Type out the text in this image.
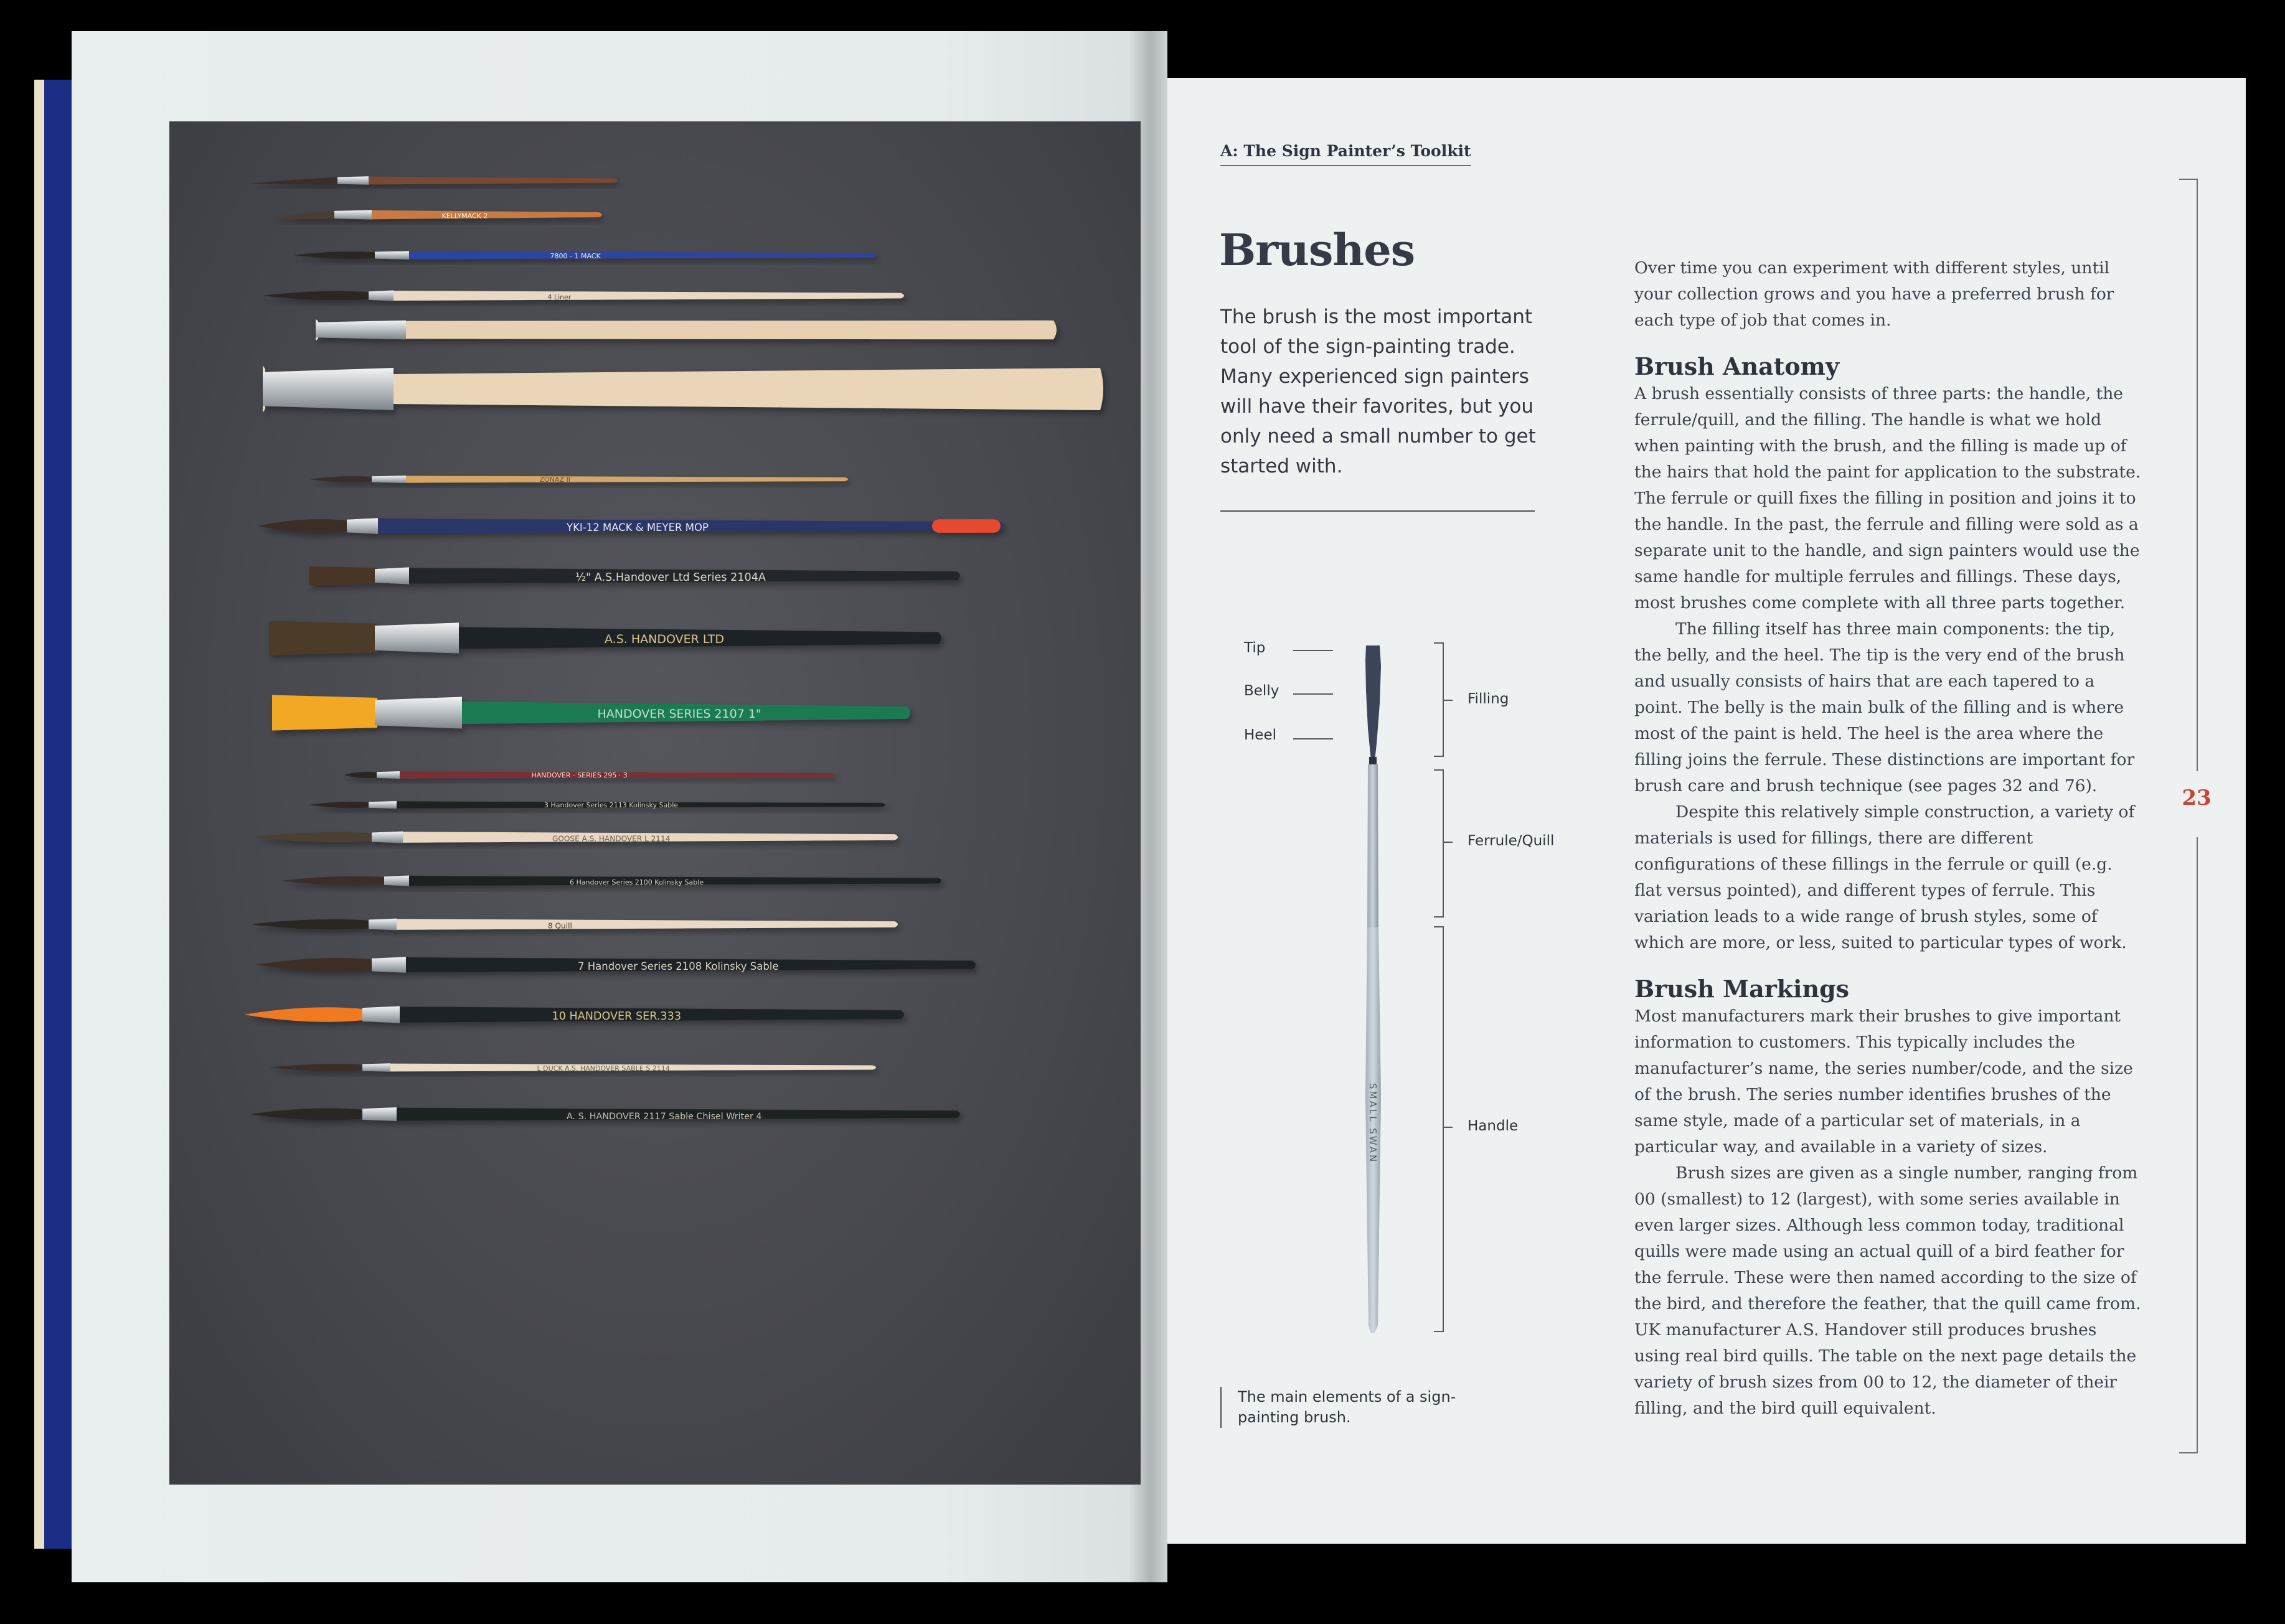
KELLYMACK 2
7800 - 1 MACK
4 Liner
ZONAZ II
YKI-12 MACK & MEYER MOP
½" A.S.Handover Ltd Series 2104A
A.S. HANDOVER LTD
HANDOVER SERIES 2107 1"
HANDOVER · SERIES 295 · 3
3 Handover Series 2113 Kolinsky Sable
GOOSE A.S. HANDOVER L 2114
6 Handover Series 2100 Kolinsky Sable
8 Quill
7 Handover Series 2108 Kolinsky Sable
10 HANDOVER SER.333
L DUCK A.S. HANDOVER SABLE S 2114
A. S. HANDOVER 2117 Sable Chisel Writer 4
A: The Sign Painter’s Toolkit
Brushes

The brush is the most important tool of the sign-painting trade. Many experienced sign painters will have their favorites, but you only need a small number to get started with.

SMALL SWAN
Tip
Belly
Heel
Filling
Ferrule/Quill
Handle
The main elements of a sign-painting brush.

Over time you can experiment with different styles, until your collection grows and you have a preferred brush for each type of job that comes in.

Brush Anatomy

A brush essentially consists of three parts: the handle, the ferrule/quill, and the filling. The handle is what we hold when painting with the brush, and the filling is made up of the hairs that hold the paint for application to the substrate. The ferrule or quill fixes the filling in position and joins it to the handle. In the past, the ferrule and filling were sold as a separate unit to the handle, and sign painters would use the same handle for multiple ferrules and fillings. These days, most brushes come complete with all three parts together.

The filling itself has three main components: the tip, the belly, and the heel. The tip is the very end of the brush and usually consists of hairs that are each tapered to a point. The belly is the main bulk of the filling and is where most of the paint is held. The heel is the area where the filling joins the ferrule. These distinctions are important for brush care and brush technique (see pages 32 and 76).

Despite this relatively simple construction, a variety of materials is used for fillings, there are different configurations of these fillings in the ferrule or quill (e.g. flat versus pointed), and different types of ferrule. This variation leads to a wide range of brush styles, some of which are more, or less, suited to particular types of work.

Brush Markings

Most manufacturers mark their brushes to give important information to customers. This typically includes the manufacturer’s name, the series number/code, and the size of the brush. The series number identifies brushes of the same style, made of a particular set of materials, in a particular way, and available in a variety of sizes.

Brush sizes are given as a single number, ranging from 00 (smallest) to 12 (largest), with some series available in even larger sizes. Although less common today, traditional quills were made using an actual quill of a bird feather for the ferrule. These were then named according to the size of the bird, and therefore the feather, that the quill came from. UK manufacturer A.S. Handover still produces brushes using real bird quills. The table on the next page details the variety of brush sizes from 00 to 12, the diameter of their filling, and the bird quill equivalent.

23
